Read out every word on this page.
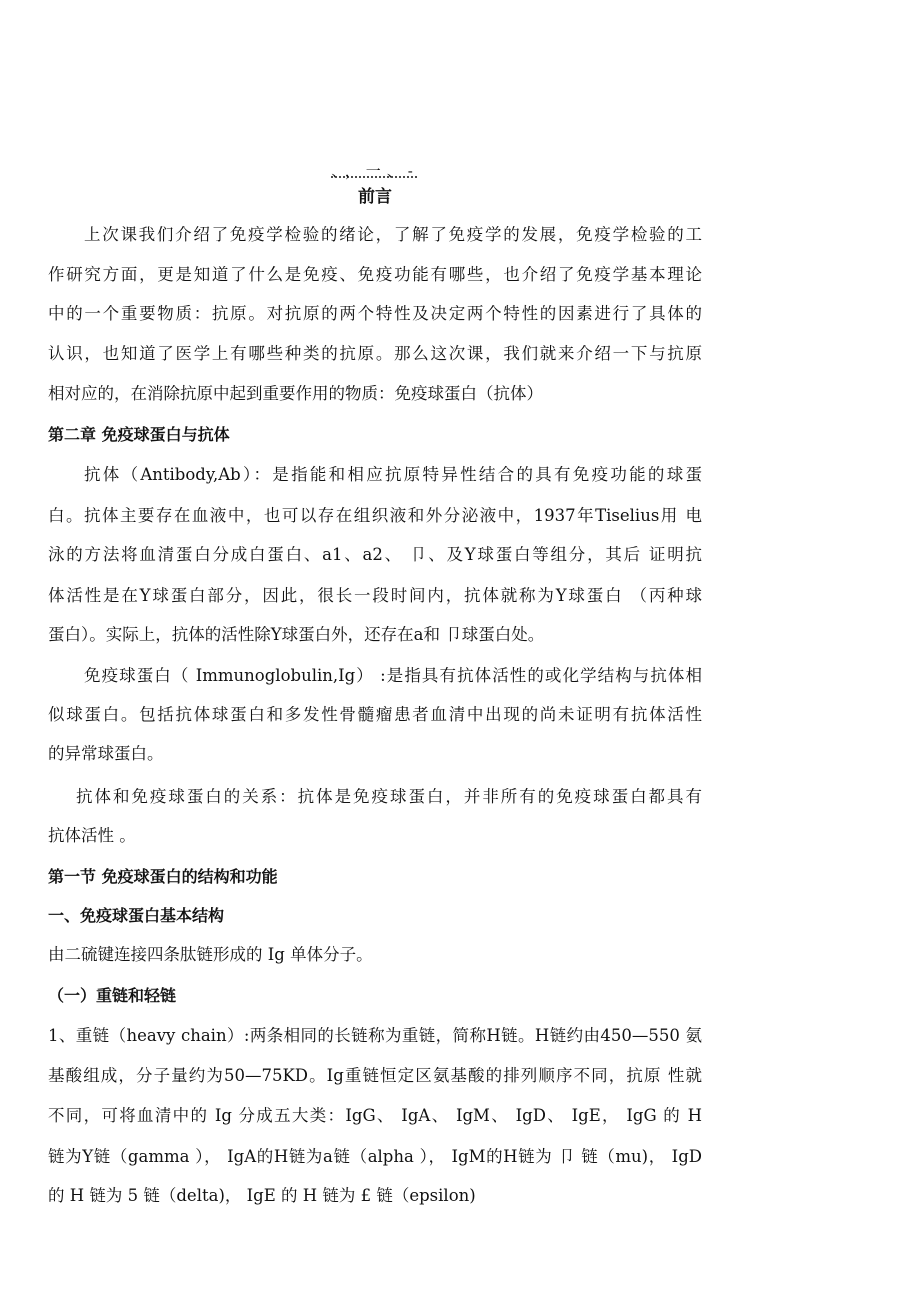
、，一、-
前言
上次课我们介绍了免疫学检验的绪论，了解了免疫学的发展，免疫学检验的工
作研究方面，更是知道了什么是免疫、免疫功能有哪些，也介绍了免疫学基本理论
中的一个重要物质：抗原。对抗原的两个特性及决定两个特性的因素进行了具体的
认识，也知道了医学上有哪些种类的抗原。那么这次课，我们就来介绍一下与抗原
相对应的，在消除抗原中起到重要作用的物质：免疫球蛋白（抗体）
第二章 免疫球蛋白与抗体
抗体（Antibody,Ab）：是指能和相应抗原特异性结合的具有免疫功能的球蛋
白。抗体主要存在血液中，也可以存在组织液和外分泌液中，1937年Tiselius用 电
泳的方法将血清蛋白分成白蛋白、a1、a2、 卩、及Y球蛋白等组分，其后 证明抗
体活性是在Y球蛋白部分，因此，很长一段时间内，抗体就称为Y球蛋白 （丙种球
蛋白）。实际上，抗体的活性除Y球蛋白外，还存在a和 卩球蛋白处。
免疫球蛋白（ Immunoglobulin,Ig） :是指具有抗体活性的或化学结构与抗体相
似球蛋白。包括抗体球蛋白和多发性骨髓瘤患者血清中出现的尚未证明有抗体活性
的异常球蛋白。
抗体和免疫球蛋白的关系：抗体是免疫球蛋白，并非所有的免疫球蛋白都具有
抗体活性 。
第一节 免疫球蛋白的结构和功能
一、免疫球蛋白基本结构
由二硫键连接四条肽链形成的 Ig 单体分子。
（一）重链和轻链
1、重链（heavy chain）:两条相同的长链称为重链，简称H链。H链约由450—550 氨
基酸组成，分子量约为50—75KD。Ig重链恒定区氨基酸的排列顺序不同，抗原 性就
不同，可将血清中的 Ig 分成五大类：IgG、 IgA、 IgM、 IgD、 IgE， IgG 的 H
链为Y链（gamma ）， IgA的H链为a链（alpha ）， IgM的H链为 卩 链（mu)， IgD
的 H 链为 5 链（delta)， IgE 的 H 链为 £ 链（epsilon)
